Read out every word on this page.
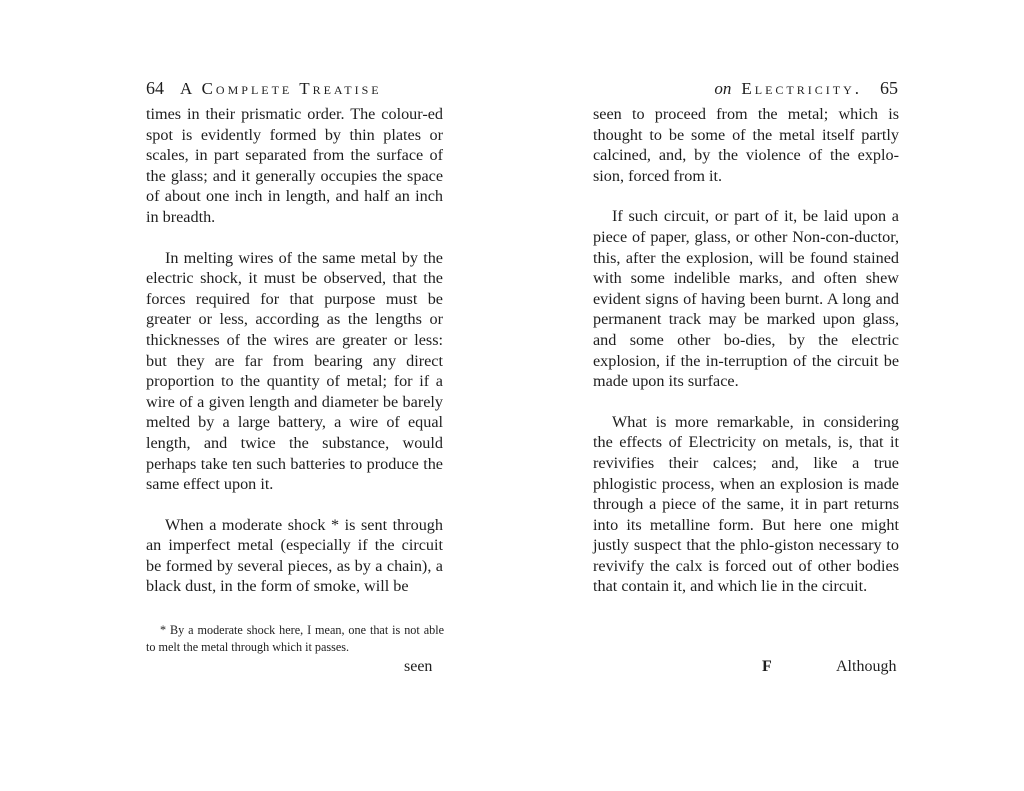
64 A Complete Treatise

times in their prismatic order. The colour-ed spot is evidently formed by thin plates or scales, in part separated from the surface of the glass; and it generally occupies the space of about one inch in length, and half an inch in breadth.

In melting wires of the same metal by the electric shock, it must be observed, that the forces required for that purpose must be greater or less, according as the lengths or thicknesses of the wires are greater or less: but they are far from bearing any direct proportion to the quantity of metal; for if a wire of a given length and diameter be barely melted by a large battery, a wire of equal length, and twice the substance, would perhaps take ten such batteries to produce the same effect upon it.

When a moderate shock * is sent through an imperfect metal (especially if the circuit be formed by several pieces, as by a chain), a black dust, in the form of smoke, will be

* By a moderate shock here, I mean, one that is not able to melt the metal through which it passes.
seen
on Electricity. 65

seen to proceed from the metal; which is thought to be some of the metal itself partly calcined, and, by the violence of the explo-sion, forced from it.

If such circuit, or part of it, be laid upon a piece of paper, glass, or other Non-con-ductor, this, after the explosion, will be found stained with some indelible marks, and often shew evident signs of having been burnt. A long and permanent track may be marked upon glass, and some other bo-dies, by the electric explosion, if the in-terruption of the circuit be made upon its surface.

What is more remarkable, in considering the effects of Electricity on metals, is, that it revivifies their calces; and, like a true phlogistic process, when an explosion is made through a piece of the same, it in part returns into its metalline form. But here one might justly suspect that the phlo-giston necessary to revivify the calx is forced out of other bodies that contain it, and which lie in the circuit.

F	Although
